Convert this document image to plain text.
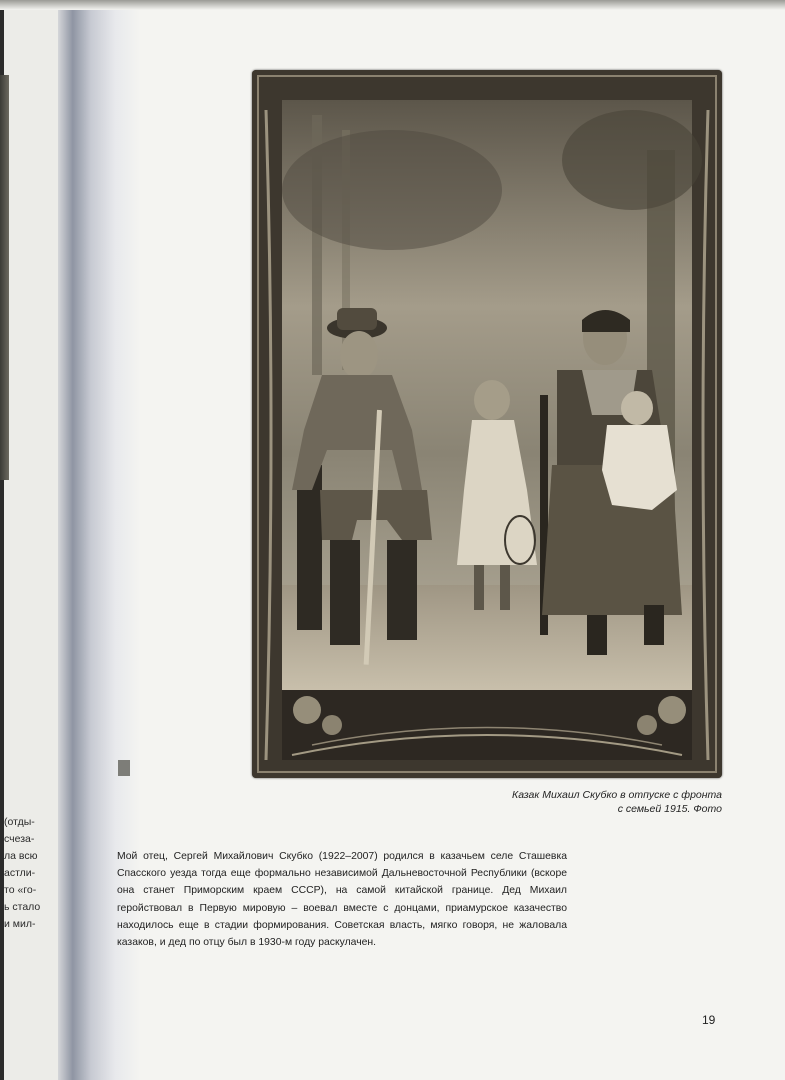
(отды-
счеза-
ла всю
астли-
то «го-
ь стало
и мил-
Казак Михаил Скубко в отпуске с фронта
с семьей 1915. Фото

Мой отец, Сергей Михайлович Скубко (1922–2007) родился в казачьем селе Сташевка Спасского уезда тогда еще формально независимой Дальневосточной Республики (вскоре она станет Приморским краем СССР), на самой китайской границе. Дед Михаил геройствовал в Первую мировую – воевал вместе с донцами, приамурское казачество находилось еще в стадии формирования. Советская власть, мягко говоря, не жаловала казаков, и дед по отцу был в 1930-м году раскулачен.

19
